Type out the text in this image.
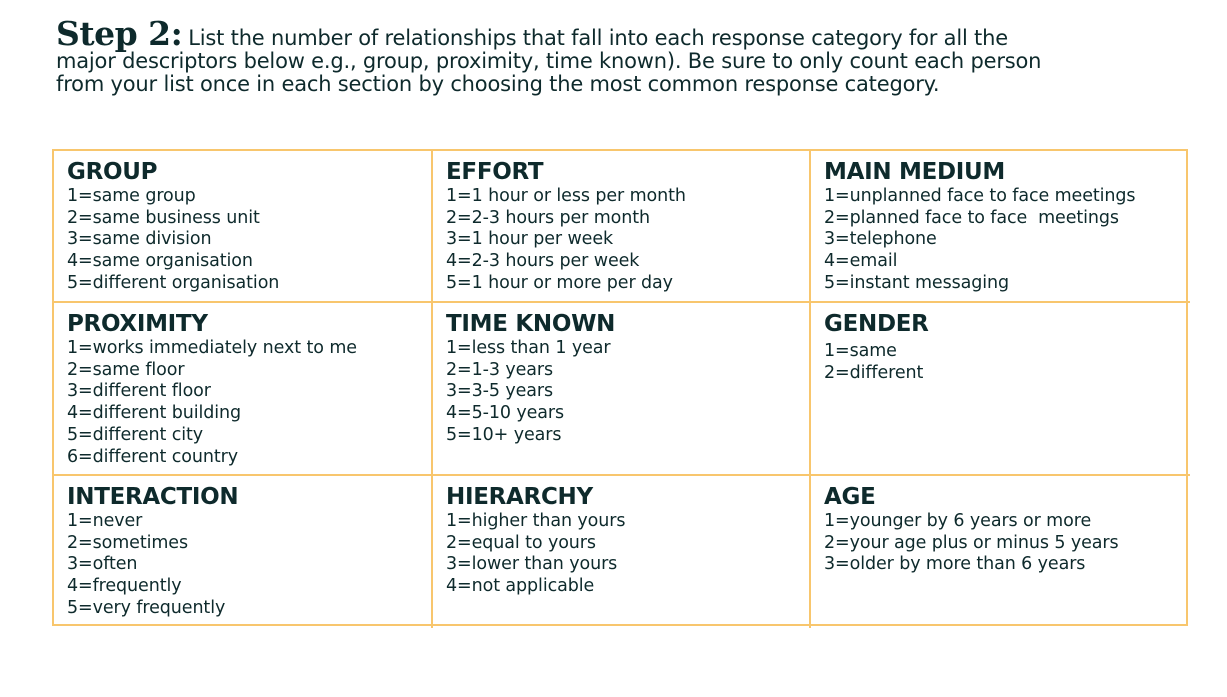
Step 2: List the number of relationships that fall into each response category for all the
major descriptors below e.g., group, proximity, time known). Be sure to only count each person
from your list once in each section by choosing the most common response category.
GROUP
1=same group
2=same business unit
3=same division
4=same organisation
5=different organisation
EFFORT
1=1 hour or less per month
2=2-3 hours per month
3=1 hour per week
4=2-3 hours per week
5=1 hour or more per day
MAIN MEDIUM
1=unplanned face to face meetings
2=planned face to face  meetings
3=telephone
4=email
5=instant messaging
PROXIMITY
1=works immediately next to me
2=same floor
3=different floor
4=different building
5=different city
6=different country
TIME KNOWN
1=less than 1 year
2=1-3 years
3=3-5 years
4=5-10 years
5=10+ years
GENDER
1=same
2=different
INTERACTION
1=never
2=sometimes
3=often
4=frequently
5=very frequently
HIERARCHY
1=higher than yours
2=equal to yours
3=lower than yours
4=not applicable
AGE
1=younger by 6 years or more
2=your age plus or minus 5 years
3=older by more than 6 years
